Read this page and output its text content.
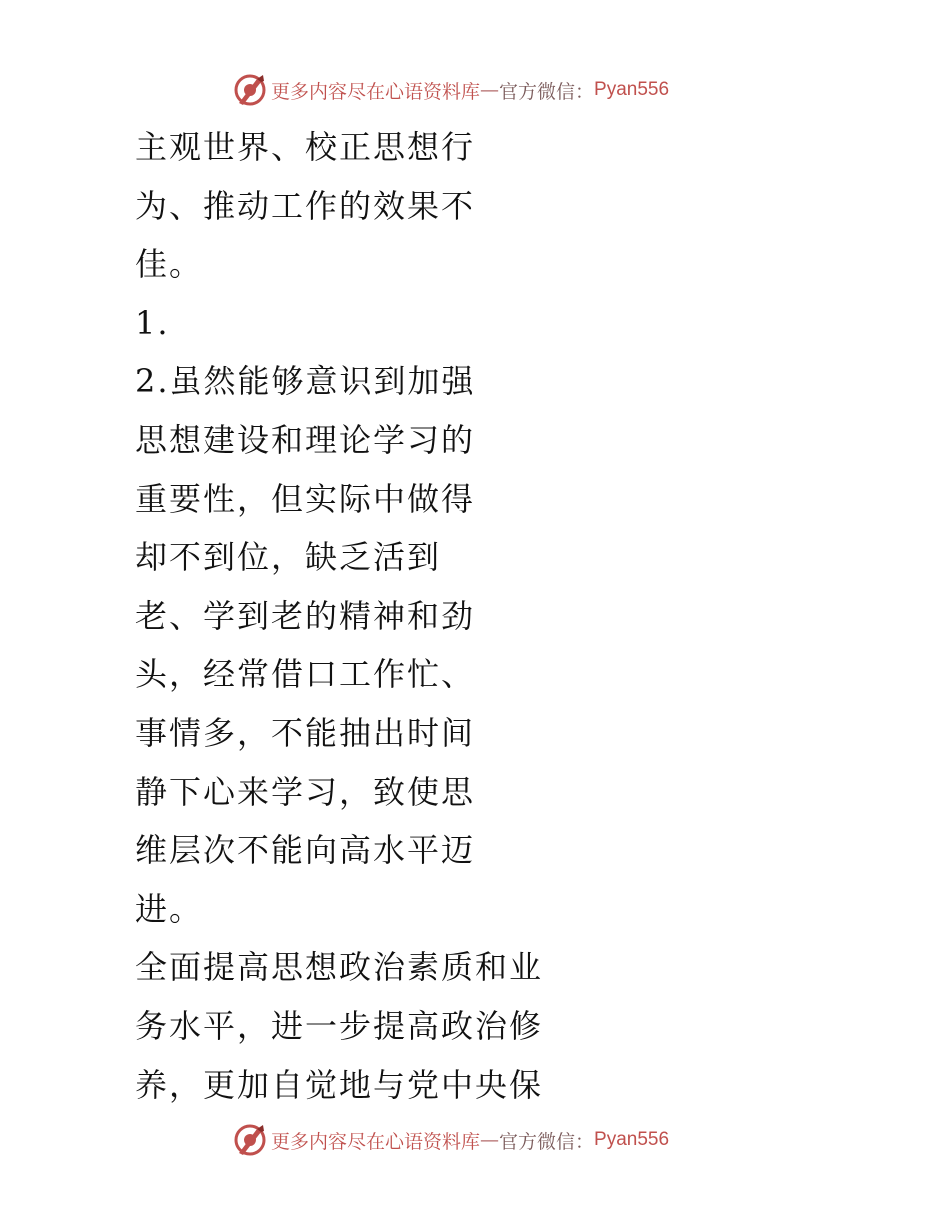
更多内容尽在心语资料库 — 官方微信： Pyan556
主观世界、校正思想行
为、推动工作的效果不
佳。
1.
2.虽然能够意识到加强
思想建设和理论学习的
重要性，但实际中做得
却不到位，缺乏活到
老、学到老的精神和劲
头，经常借口工作忙、
事情多，不能抽出时间
静下心来学习，致使思
维层次不能向高水平迈
进。
全面提高思想政治素质和业
务水平，进一步提高政治修
养，更加自觉地与党中央保
更多内容尽在心语资料库 — 官方微信： Pyan556
